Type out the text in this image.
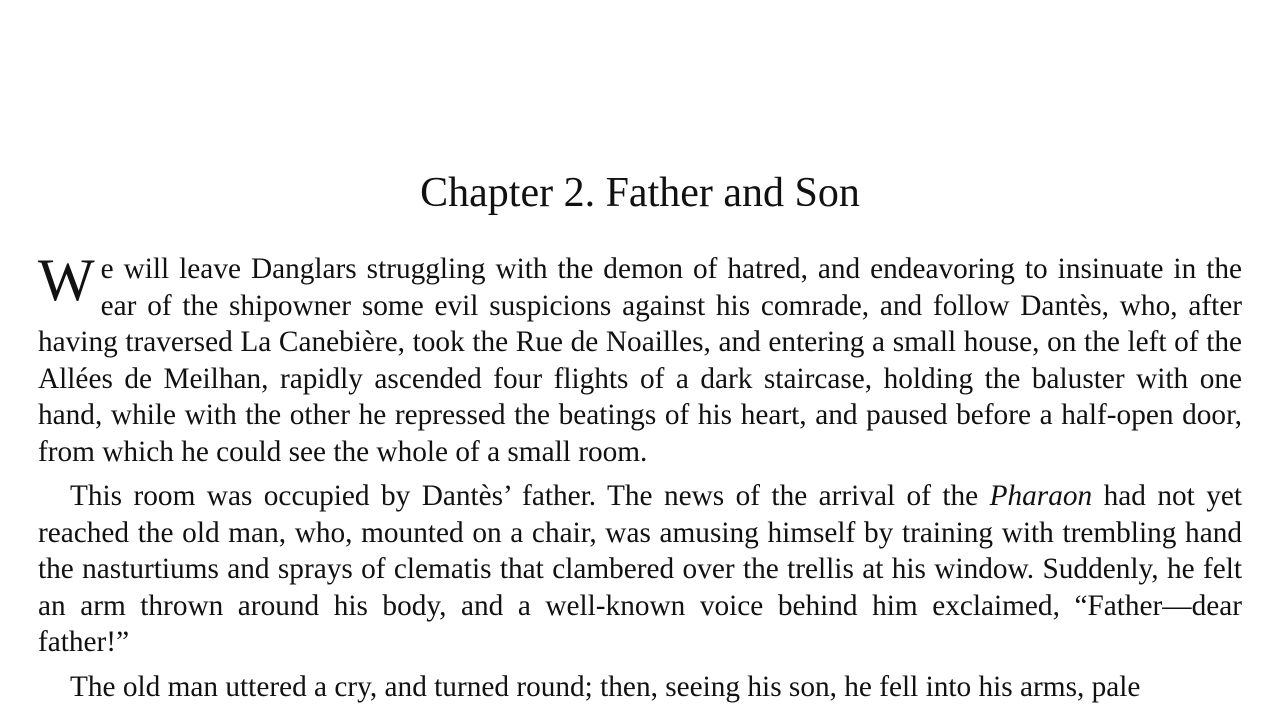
Chapter 2. Father and Son

We will leave Danglars struggling with the demon of hatred, and endeavoring to insinuate in the ear of the shipowner some evil suspicions against his comrade, and follow Dantès, who, after having traversed La Canebière, took the Rue de Noailles, and entering a small house, on the left of the Allées de Meilhan, rapidly ascended four flights of a dark staircase, holding the baluster with one hand, while with the other he repressed the beatings of his heart, and paused before a half-open door, from which he could see the whole of a small room.

This room was occupied by Dantès’ father. The news of the arrival of the Pharaon had not yet reached the old man, who, mounted on a chair, was amusing himself by training with trembling hand the nasturtiums and sprays of clematis that clambered over the trellis at his window. Suddenly, he felt an arm thrown around his body, and a well-known voice behind him exclaimed, “Father—dear father!”

The old man uttered a cry, and turned round; then, seeing his son, he fell into his arms, pale
